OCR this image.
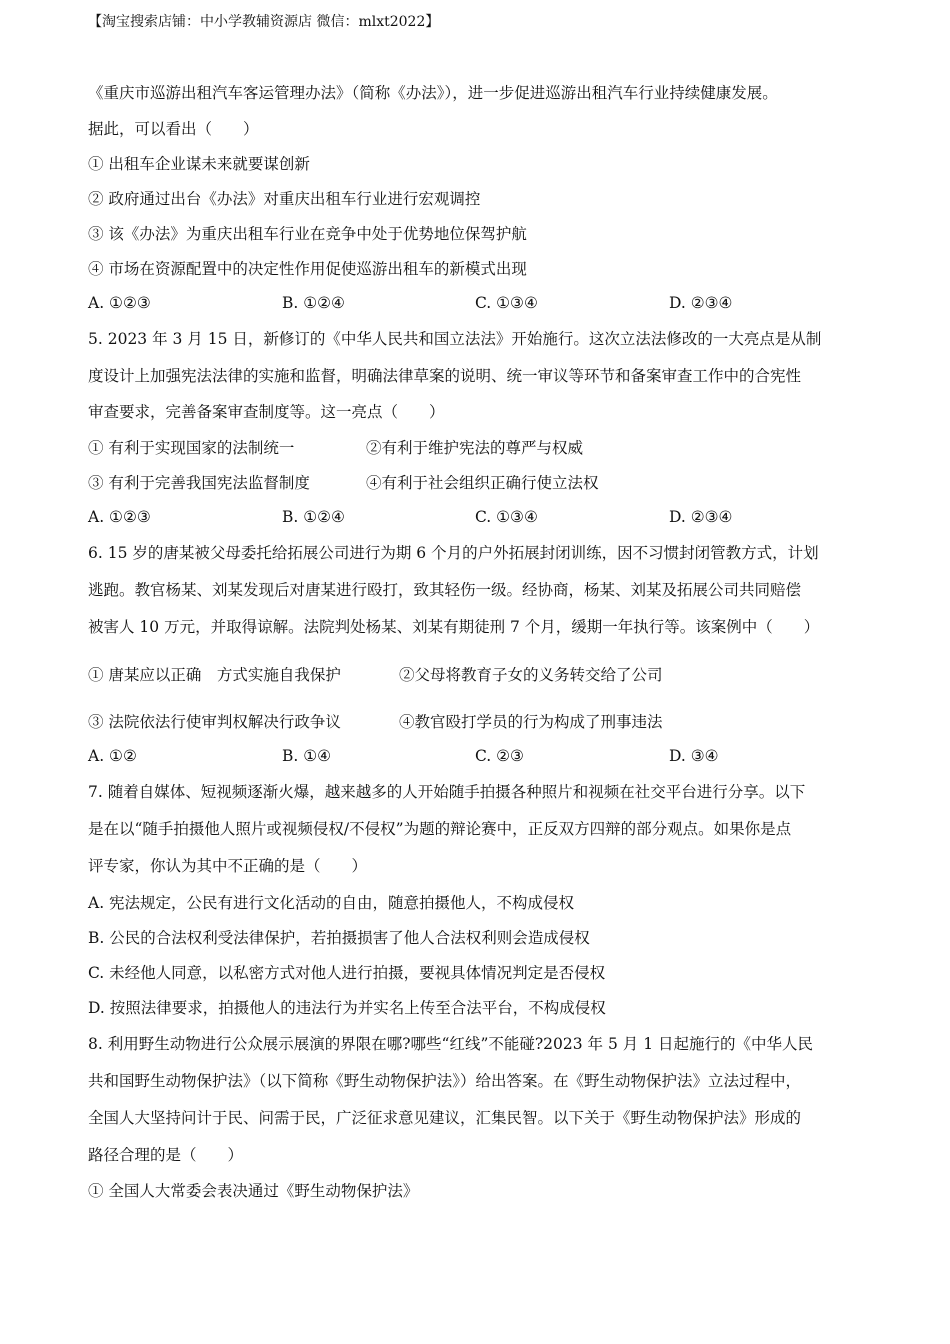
【淘宝搜索店铺：中小学教辅资源店 微信：mlxt2022】
《重庆市巡游出租汽车客运管理办法》（简称《办法》），进一步促进巡游出租汽车行业持续健康发展。
据此，可以看出（　　）
① 出租车企业谋未来就要谋创新
② 政府通过出台《办法》对重庆出租车行业进行宏观调控
③ 该《办法》为重庆出租车行业在竞争中处于优势地位保驾护航
④ 市场在资源配置中的决定性作用促使巡游出租车的新模式出现
A. ①②③	B. ①②④	C. ①③④	D. ②③④
5. 2023 年 3 月 15 日，新修订的《中华人民共和国立法法》开始施行。这次立法法修改的一大亮点是从制
度设计上加强宪法法律的实施和监督，明确法律草案的说明、统一审议等环节和备案审查工作中的合宪性
审查要求，完善备案审查制度等。这一亮点（　　）
① 有利于实现国家的法制统一	②有利于维护宪法的尊严与权威
③ 有利于完善我国宪法监督制度	④有利于社会组织正确行使立法权
A. ①②③	B. ①②④	C. ①③④	D. ②③④
6. 15 岁的唐某被父母委托给拓展公司进行为期 6 个月的户外拓展封闭训练，因不习惯封闭管教方式，计划
逃跑。教官杨某、刘某发现后对唐某进行殴打，致其轻伤一级。经协商，杨某、刘某及拓展公司共同赔偿
被害人 10 万元，并取得谅解。法院判处杨某、刘某有期徒刑 7 个月，缓期一年执行等。该案例中（　　）
① 唐某应以正确　方式实施自我保护	②父母将教育子女的义务转交给了公司
③ 法院依法行使审判权解决行政争议	④教官殴打学员的行为构成了刑事违法
A. ①②	B. ①④	C. ②③	D. ③④
7. 随着自媒体、短视频逐渐火爆，越来越多的人开始随手拍摄各种照片和视频在社交平台进行分享。以下
是在以“随手拍摄他人照片或视频侵权/不侵权”为题的辩论赛中，正反双方四辩的部分观点。如果你是点
评专家，你认为其中不正确的是（　　）
A. 宪法规定，公民有进行文化活动的自由，随意拍摄他人，不构成侵权
B. 公民的合法权利受法律保护，若拍摄损害了他人合法权利则会造成侵权
C. 未经他人同意，以私密方式对他人进行拍摄，要视具体情况判定是否侵权
D. 按照法律要求，拍摄他人的违法行为并实名上传至合法平台，不构成侵权
8. 利用野生动物进行公众展示展演的界限在哪?哪些“红线”不能碰?2023 年 5 月 1 日起施行的《中华人民
共和国野生动物保护法》（以下简称《野生动物保护法》）给出答案。在《野生动物保护法》立法过程中，
全国人大坚持问计于民、问需于民，广泛征求意见建议，汇集民智。以下关于《野生动物保护法》形成的
路径合理的是（　　）
① 全国人大常委会表决通过《野生动物保护法》
